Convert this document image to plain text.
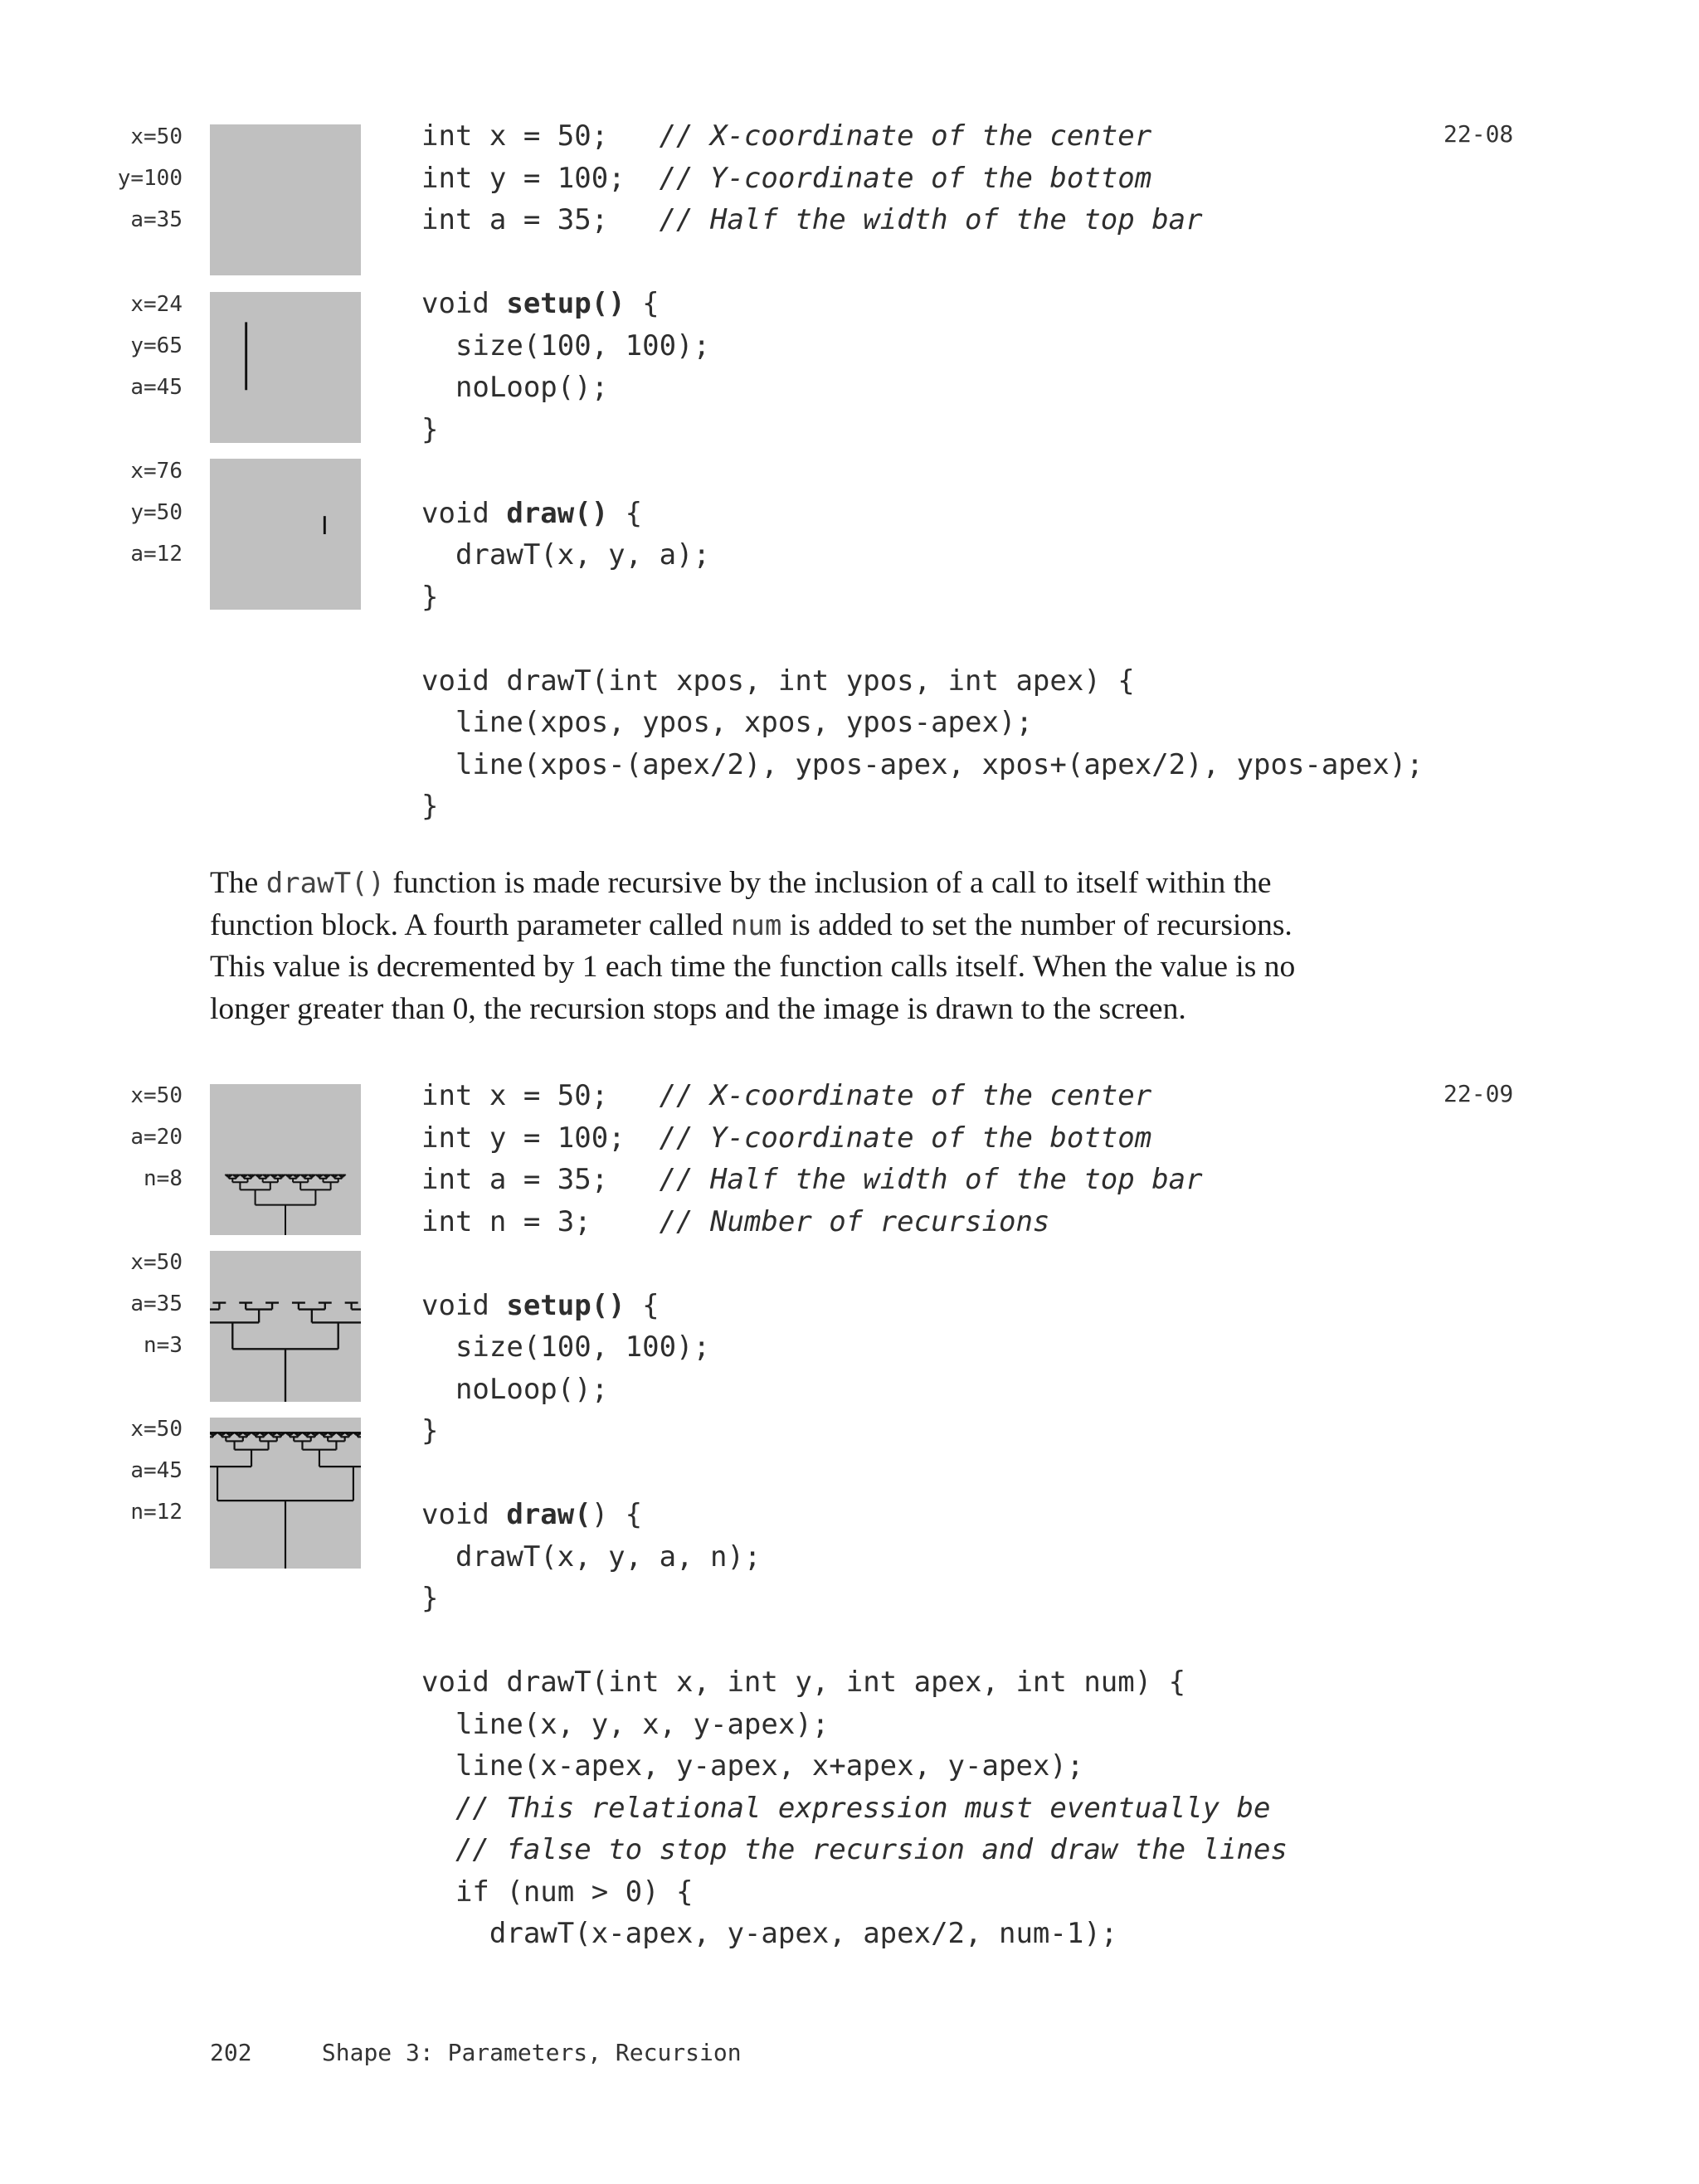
x=50
y=100
a=35
x=24
y=65
a=45
x=76
y=50
a=12
int x = 50;   // X-coordinate of the center
int y = 100;  // Y-coordinate of the bottom
int a = 35;   // Half the width of the top bar
void setup() {
size(100, 100);
noLoop();
}
void draw() {
drawT(x, y, a);
}
void drawT(int xpos, int ypos, int apex) {
line(xpos, ypos, xpos, ypos-apex);
line(xpos-(apex/2), ypos-apex, xpos+(apex/2), ypos-apex);
}
22-08
The drawT() function is made recursive by the inclusion of a call to itself within the
function block. A fourth parameter called num is added to set the number of recursions.
This value is decremented by 1 each time the function calls itself. When the value is no
longer greater than 0, the recursion stops and the image is drawn to the screen.
x=50
a=20
n=8
x=50
a=35
n=3
x=50
a=45
n=12
int x = 50;   // X-coordinate of the center
int y = 100;  // Y-coordinate of the bottom
int a = 35;   // Half the width of the top bar
int n = 3;    // Number of recursions
void setup() {
size(100, 100);
noLoop();
}
void draw() {
drawT(x, y, a, n);
}
void drawT(int x, int y, int apex, int num) {
line(x, y, x, y-apex);
line(x-apex, y-apex, x+apex, y-apex);
// This relational expression must eventually be
// false to stop the recursion and draw the lines
if (num > 0) {
drawT(x-apex, y-apex, apex/2, num-1);
22-09
202	Shape 3: Parameters, Recursion
